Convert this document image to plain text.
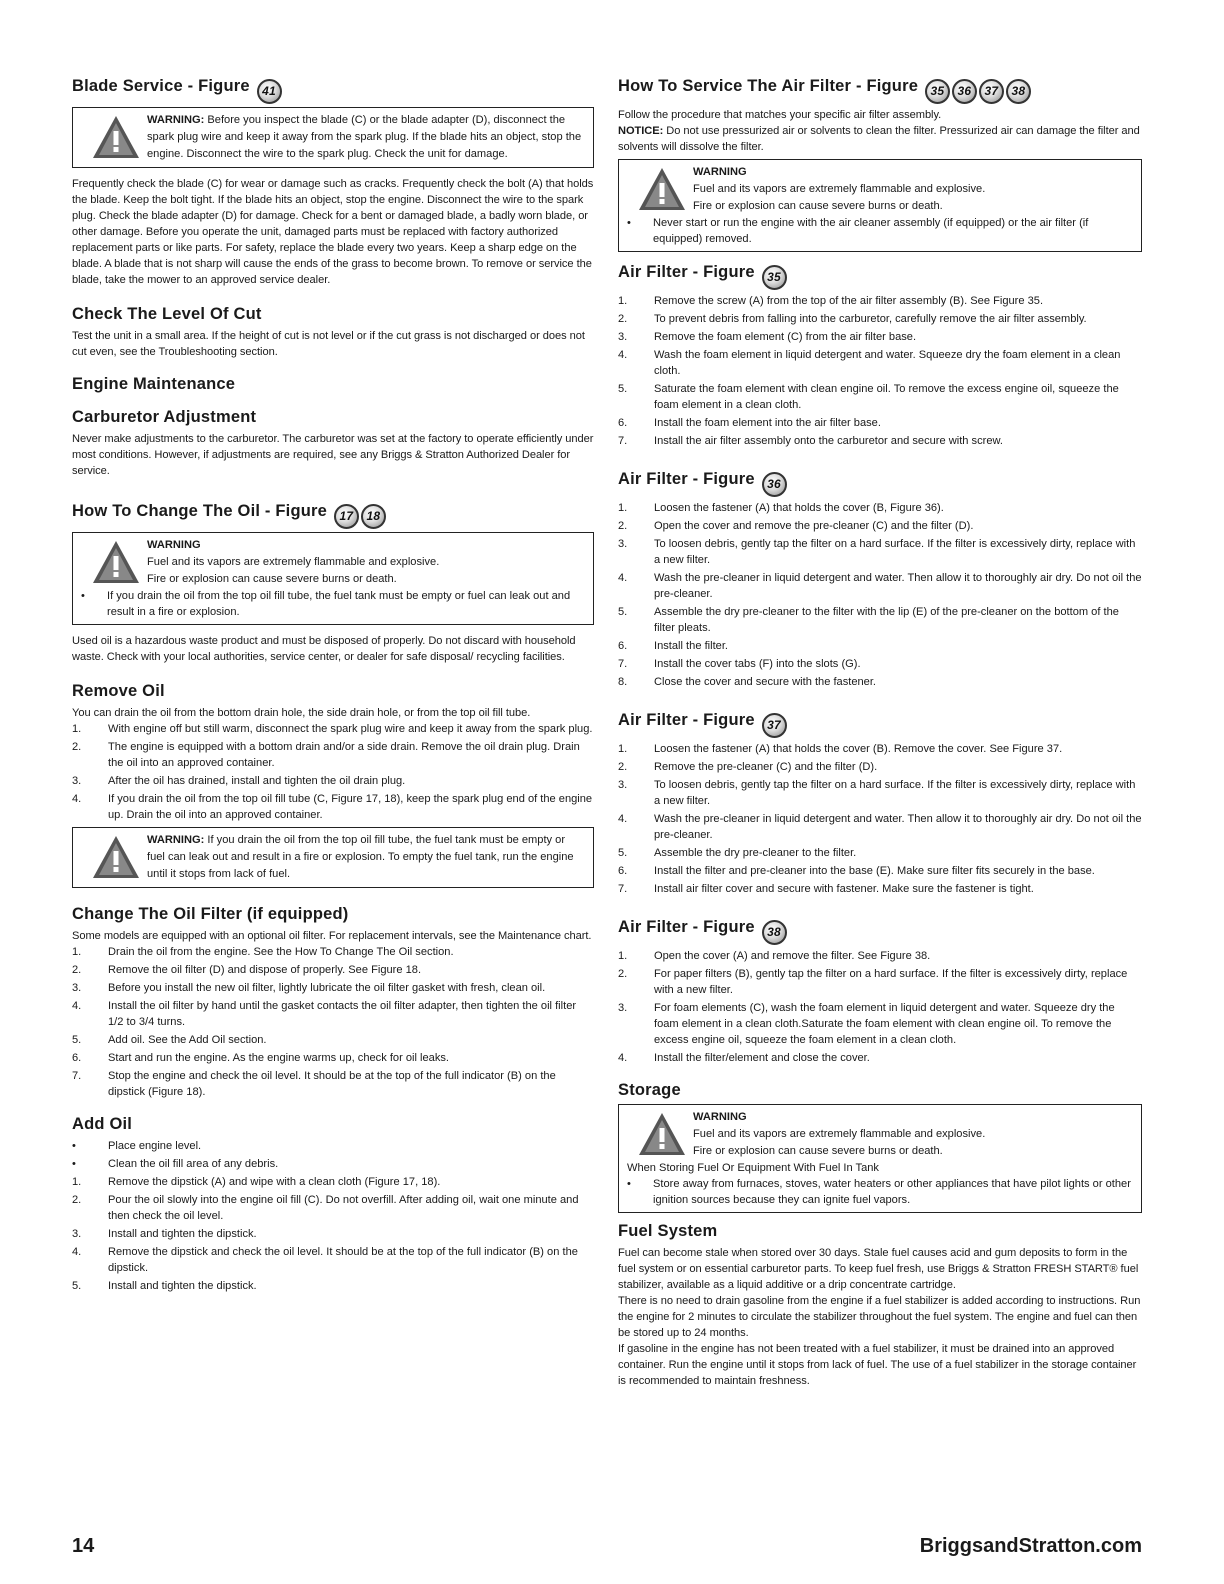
Blade Service - Figure 41
WARNING: Before you inspect the blade (C) or the blade adapter (D), disconnect the spark plug wire and keep it away from the spark plug. If the blade hits an object, stop the engine. Disconnect the wire to the spark plug. Check the unit for damage.

Frequently check the blade (C) for wear or damage such as cracks. Frequently check the bolt (A) that holds the blade. Keep the bolt tight. If the blade hits an object, stop the engine. Disconnect the wire to the spark plug. Check the blade adapter (D) for damage. Check for a bent or damaged blade, a badly worn blade, or other damage. Before you operate the unit, damaged parts must be replaced with factory authorized replacement parts or like parts. For safety, replace the blade every two years. Keep a sharp edge on the blade. A blade that is not sharp will cause the ends of the grass to become brown. To remove or service the blade, take the mower to an approved service dealer.

Check The Level Of Cut

Test the unit in a small area. If the height of cut is not level or if the cut grass is not discharged or does not cut even, see the Troubleshooting section.

Engine Maintenance
Carburetor Adjustment

Never make adjustments to the carburetor. The carburetor was set at the factory to operate efficiently under most conditions. However, if adjustments are required, see any Briggs & Stratton Authorized Dealer for service.

How To Change The Oil - Figure 17 18
WARNING
Fuel and its vapors are extremely flammable and explosive.
Fire or explosion can cause severe burns or death.
• If you drain the oil from the top oil fill tube, the fuel tank must be empty or fuel can leak out and result in a fire or explosion.

Used oil is a hazardous waste product and must be disposed of properly. Do not discard with household waste. Check with your local authorities, service center, or dealer for safe disposal/ recycling facilities.

Remove Oil

You can drain the oil from the bottom drain hole, the side drain hole, or from the top oil fill tube.

1.	With engine off but still warm, disconnect the spark plug wire and keep it away from the spark plug.
2.	The engine is equipped with a bottom drain and/or a side drain. Remove the oil drain plug. Drain the oil into an approved container.
3.	After the oil has drained, install and tighten the oil drain plug.
4.	If you drain the oil from the top oil fill tube (C, Figure 17, 18), keep the spark plug end of the engine up. Drain the oil into an approved container.
WARNING: If you drain the oil from the top oil fill tube, the fuel tank must be empty or fuel can leak out and result in a fire or explosion. To empty the fuel tank, run the engine until it stops from lack of fuel.
Change The Oil Filter (if equipped)

Some models are equipped with an optional oil filter. For replacement intervals, see the Maintenance chart.

1.	Drain the oil from the engine. See the How To Change The Oil section.
2.	Remove the oil filter (D) and dispose of properly. See Figure 18.
3.	Before you install the new oil filter, lightly lubricate the oil filter gasket with fresh, clean oil.
4.	Install the oil filter by hand until the gasket contacts the oil filter adapter, then tighten the oil filter 1/2 to 3/4 turns.
5.	Add oil. See the Add Oil section.
6.	Start and run the engine. As the engine warms up, check for oil leaks.
7.	Stop the engine and check the oil level. It should be at the top of the full indicator (B) on the dipstick (Figure 18).
Add Oil
•	Place engine level.
•	Clean the oil fill area of any debris.
1.	Remove the dipstick (A) and wipe with a clean cloth (Figure 17, 18).
2.	Pour the oil slowly into the engine oil fill (C). Do not overfill. After adding oil, wait one minute and then check the oil level.
3.	Install and tighten the dipstick.
4.	Remove the dipstick and check the oil level. It should be at the top of the full indicator (B) on the dipstick.
5.	Install and tighten the dipstick.
How To Service The Air Filter - Figure 35 36 37 38

Follow the procedure that matches your specific air filter assembly.

NOTICE: Do not use pressurized air or solvents to clean the filter. Pressurized air can damage the filter and solvents will dissolve the filter.

WARNING
Fuel and its vapors are extremely flammable and explosive.
Fire or explosion can cause severe burns or death.
• Never start or run the engine with the air cleaner assembly (if equipped) or the air filter (if equipped) removed.
Air Filter - Figure 35
1.	Remove the screw (A) from the top of the air filter assembly (B). See Figure 35.
2.	To prevent debris from falling into the carburetor, carefully remove the air filter assembly.
3.	Remove the foam element (C) from the air filter base.
4.	Wash the foam element in liquid detergent and water. Squeeze dry the foam element in a clean cloth.
5.	Saturate the foam element with clean engine oil. To remove the excess engine oil, squeeze the foam element in a clean cloth.
6.	Install the foam element into the air filter base.
7.	Install the air filter assembly onto the carburetor and secure with screw.
Air Filter - Figure 36
1.	Loosen the fastener (A) that holds the cover (B, Figure 36).
2.	Open the cover and remove the pre-cleaner (C) and the filter (D).
3.	To loosen debris, gently tap the filter on a hard surface. If the filter is excessively dirty, replace with a new filter.
4.	Wash the pre-cleaner in liquid detergent and water. Then allow it to thoroughly air dry. Do not oil the pre-cleaner.
5.	Assemble the dry pre-cleaner to the filter with the lip (E) of the pre-cleaner on the bottom of the filter pleats.
6.	Install the filter.
7.	Install the cover tabs (F) into the slots (G).
8.	Close the cover and secure with the fastener.
Air Filter - Figure 37
1.	Loosen the fastener (A) that holds the cover (B). Remove the cover. See Figure 37.
2.	Remove the pre-cleaner (C) and the filter (D).
3.	To loosen debris, gently tap the filter on a hard surface. If the filter is excessively dirty, replace with a new filter.
4.	Wash the pre-cleaner in liquid detergent and water. Then allow it to thoroughly air dry. Do not oil the pre-cleaner.
5.	Assemble the dry pre-cleaner to the filter.
6.	Install the filter and pre-cleaner into the base (E). Make sure filter fits securely in the base.
7.	Install air filter cover and secure with fastener. Make sure the fastener is tight.
Air Filter - Figure 38
1.	Open the cover (A) and remove the filter. See Figure 38.
2.	For paper filters (B), gently tap the filter on a hard surface. If the filter is excessively dirty, replace with a new filter.
3.	For foam elements (C), wash the foam element in liquid detergent and water. Squeeze dry the foam element in a clean cloth.Saturate the foam element with clean engine oil. To remove the excess engine oil, squeeze the foam element in a clean cloth.
4.	Install the filter/element and close the cover.
Storage
WARNING
Fuel and its vapors are extremely flammable and explosive.
Fire or explosion can cause severe burns or death.
When Storing Fuel Or Equipment With Fuel In Tank
• Store away from furnaces, stoves, water heaters or other appliances that have pilot lights or other ignition sources because they can ignite fuel vapors.
Fuel System

Fuel can become stale when stored over 30 days. Stale fuel causes acid and gum deposits to form in the fuel system or on essential carburetor parts. To keep fuel fresh, use Briggs & Stratton FRESH START® fuel stabilizer, available as a liquid additive or a drip concentrate cartridge.

There is no need to drain gasoline from the engine if a fuel stabilizer is added according to instructions. Run the engine for 2 minutes to circulate the stabilizer throughout the fuel system. The engine and fuel can then be stored up to 24 months.

If gasoline in the engine has not been treated with a fuel stabilizer, it must be drained into an approved container. Run the engine until it stops from lack of fuel. The use of a fuel stabilizer in the storage container is recommended to maintain freshness.

14	BriggsandStratton.com
